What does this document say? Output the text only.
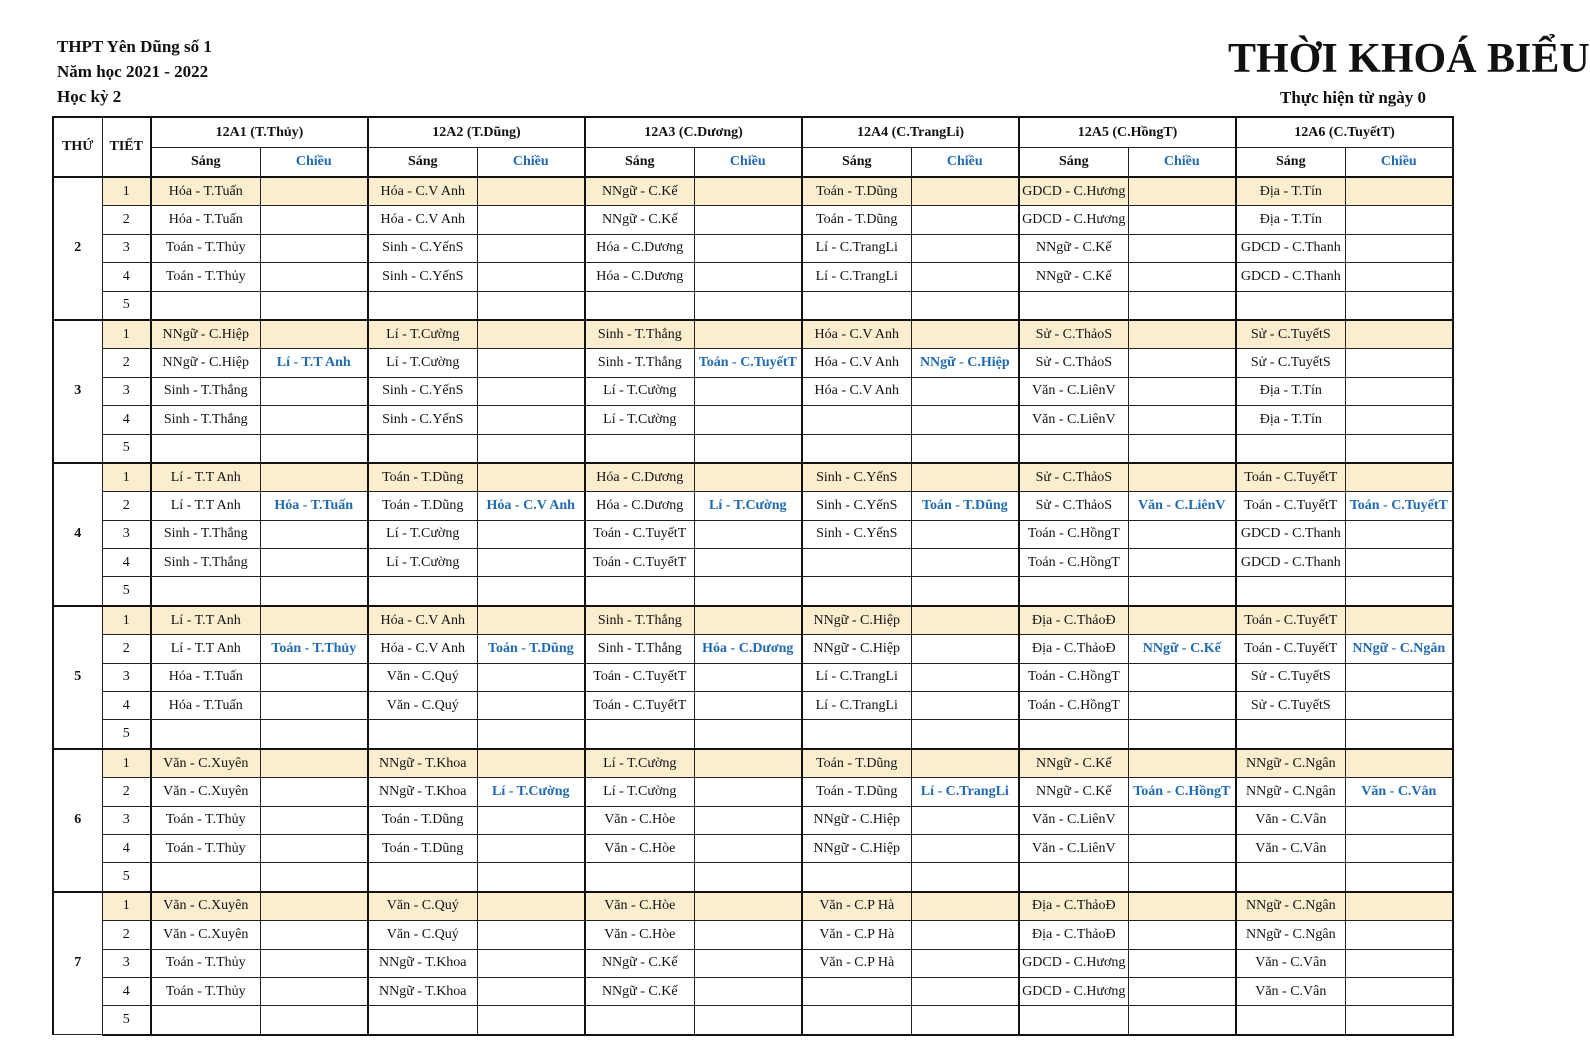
THPT Yên Dũng số 1
Năm học 2021 - 2022
Học kỳ 2
THỜI KHOÁ BIỂU
Thực hiện từ ngày 0
THỨ	TIẾT	12A1 (T.Thủy)		12A2 (T.Dũng)		12A3 (C.Dương)		12A4 (C.TrangLi)		12A5 (C.HồngT)		12A6 (C.TuyếtT)	
		Sáng	Chiều	Sáng	Chiều	Sáng	Chiều	Sáng	Chiều	Sáng	Chiều	Sáng	Chiều
2	1	Hóa - T.Tuấn		Hóa - C.V Anh		NNgữ - C.Kế		Toán - T.Dũng		GDCD - C.Hương		Địa - T.Tín	
	2	Hóa - T.Tuấn		Hóa - C.V Anh		NNgữ - C.Kế		Toán - T.Dũng		GDCD - C.Hương		Địa - T.Tín	
	3	Toán - T.Thủy		Sinh - C.YếnS		Hóa - C.Dương		Lí - C.TrangLi		NNgữ - C.Kế		GDCD - C.Thanh	
	4	Toán - T.Thủy		Sinh - C.YếnS		Hóa - C.Dương		Lí - C.TrangLi		NNgữ - C.Kế		GDCD - C.Thanh	
	5												
3	1	NNgữ - C.Hiệp		Lí - T.Cường		Sinh - T.Thắng		Hóa - C.V Anh		Sử - C.ThảoS		Sử - C.TuyếtS	
	2	NNgữ - C.Hiệp	Lí - T.T Anh	Lí - T.Cường		Sinh - T.Thắng	Toán - C.TuyếtT	Hóa - C.V Anh	NNgữ - C.Hiệp	Sử - C.ThảoS		Sử - C.TuyếtS	
	3	Sinh - T.Thắng		Sinh - C.YếnS		Lí - T.Cường		Hóa - C.V Anh		Văn - C.LiênV		Địa - T.Tín	
	4	Sinh - T.Thắng		Sinh - C.YếnS		Lí - T.Cường				Văn - C.LiênV		Địa - T.Tín	
	5												
4	1	Lí - T.T Anh		Toán - T.Dũng		Hóa - C.Dương		Sinh - C.YếnS		Sử - C.ThảoS		Toán - C.TuyếtT	
	2	Lí - T.T Anh	Hóa - T.Tuấn	Toán - T.Dũng	Hóa - C.V Anh	Hóa - C.Dương	Lí - T.Cường	Sinh - C.YếnS	Toán - T.Dũng	Sử - C.ThảoS	Văn - C.LiênV	Toán - C.TuyếtT	Toán - C.TuyếtT
	3	Sinh - T.Thắng		Lí - T.Cường		Toán - C.TuyếtT		Sinh - C.YếnS		Toán - C.HồngT		GDCD - C.Thanh	
	4	Sinh - T.Thắng		Lí - T.Cường		Toán - C.TuyếtT				Toán - C.HồngT		GDCD - C.Thanh	
	5												
5	1	Lí - T.T Anh		Hóa - C.V Anh		Sinh - T.Thắng		NNgữ - C.Hiệp		Địa - C.ThảoĐ		Toán - C.TuyếtT	
	2	Lí - T.T Anh	Toán - T.Thủy	Hóa - C.V Anh	Toán - T.Dũng	Sinh - T.Thắng	Hóa - C.Dương	NNgữ - C.Hiệp		Địa - C.ThảoĐ	NNgữ - C.Kế	Toán - C.TuyếtT	NNgữ - C.Ngân
	3	Hóa - T.Tuấn		Văn - C.Quý		Toán - C.TuyếtT		Lí - C.TrangLi		Toán - C.HồngT		Sử - C.TuyếtS	
	4	Hóa - T.Tuấn		Văn - C.Quý		Toán - C.TuyếtT		Lí - C.TrangLi		Toán - C.HồngT		Sử - C.TuyếtS	
	5												
6	1	Văn - C.Xuyên		NNgữ - T.Khoa		Lí - T.Cường		Toán - T.Dũng		NNgữ - C.Kế		NNgữ - C.Ngân	
	2	Văn - C.Xuyên		NNgữ - T.Khoa	Lí - T.Cường	Lí - T.Cường		Toán - T.Dũng	Lí - C.TrangLi	NNgữ - C.Kế	Toán - C.HồngT	NNgữ - C.Ngân	Văn - C.Vân
	3	Toán - T.Thủy		Toán - T.Dũng		Văn - C.Hòe		NNgữ - C.Hiệp		Văn - C.LiênV		Văn - C.Vân	
	4	Toán - T.Thủy		Toán - T.Dũng		Văn - C.Hòe		NNgữ - C.Hiệp		Văn - C.LiênV		Văn - C.Vân	
	5												
7	1	Văn - C.Xuyên		Văn - C.Quý		Văn - C.Hòe		Văn - C.P Hà		Địa - C.ThảoĐ		NNgữ - C.Ngân	
	2	Văn - C.Xuyên		Văn - C.Quý		Văn - C.Hòe		Văn - C.P Hà		Địa - C.ThảoĐ		NNgữ - C.Ngân	
	3	Toán - T.Thủy		NNgữ - T.Khoa		NNgữ - C.Kế		Văn - C.P Hà		GDCD - C.Hương		Văn - C.Vân	
	4	Toán - T.Thủy		NNgữ - T.Khoa		NNgữ - C.Kế				GDCD - C.Hương		Văn - C.Vân	
	5												
